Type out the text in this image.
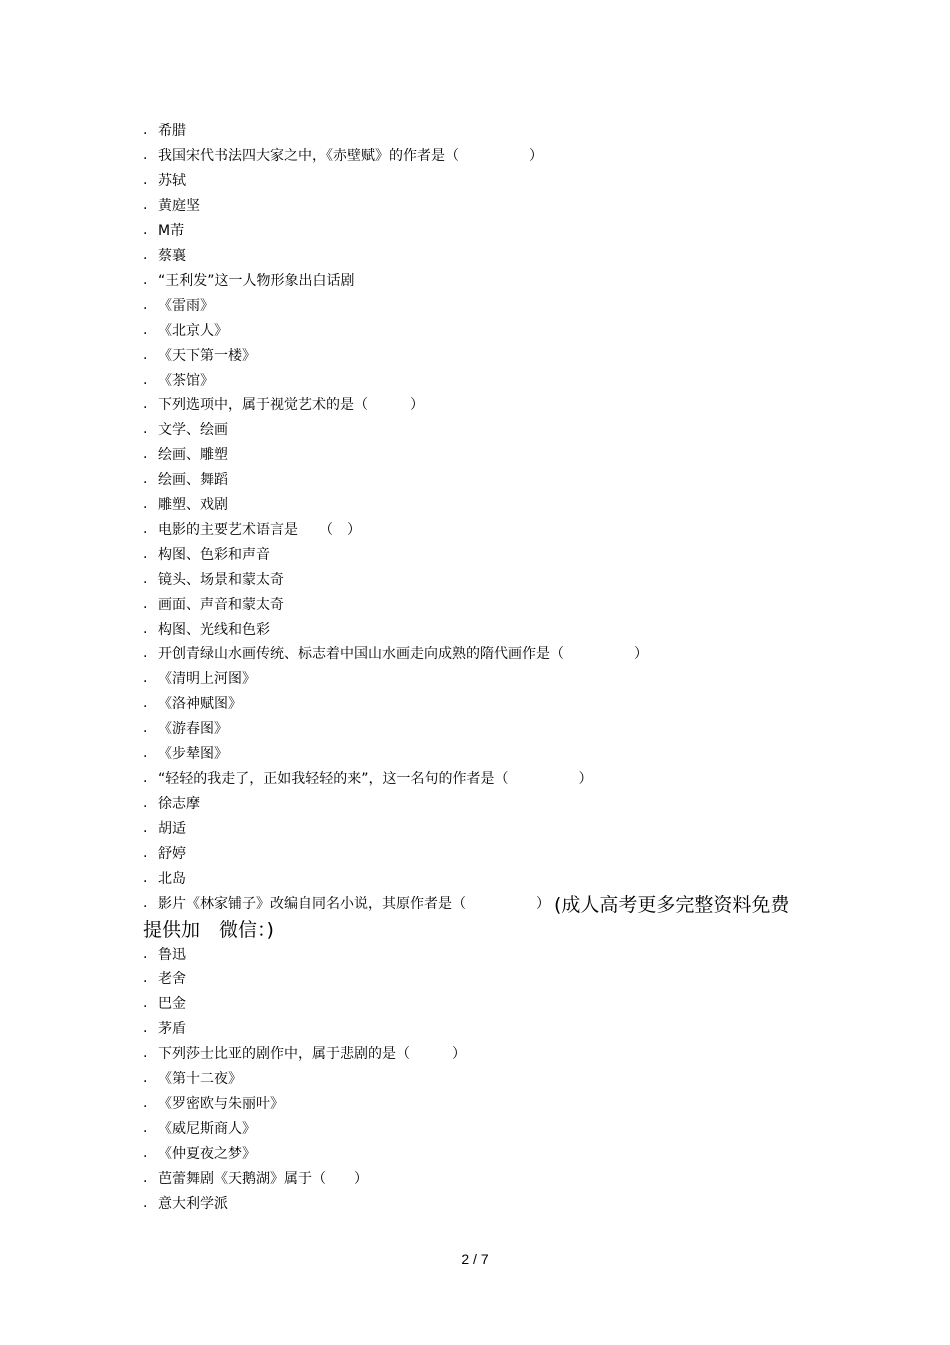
. 希腊
. 我国宋代书法四大家之中，《赤壁赋》的作者是（　　　　　）
. 苏轼
. 黄庭坚
. M芾
. 蔡襄
. “王利发”这一人物形象出白话剧
. 《雷雨》
. 《北京人》
. 《天下第一楼》
. 《茶馆》
. 下列选项中，属于视觉艺术的是（　　　）
. 文学、绘画
. 绘画、雕塑
. 绘画、舞蹈
. 雕塑、戏剧
. 电影的主要艺术语言是　　（　）
. 构图、色彩和声音
. 镜头、场景和蒙太奇
. 画面、声音和蒙太奇
. 构图、光线和色彩
. 开创青绿山水画传统、标志着中国山水画走向成熟的隋代画作是（　　　　　）
. 《清明上河图》
. 《洛神赋图》
. 《游春图》
. 《步辇图》
. “轻轻的我走了，正如我轻轻的来”，这一名句的作者是（　　　　　）
. 徐志摩
. 胡适
. 舒婷
. 北岛
. 影片《林家铺子》改编自同名小说，其原作者是（　　　　　） (成人高考更多完整资料免费
提供加　微信：)
. 鲁迅
. 老舍
. 巴金
. 茅盾
. 下列莎士比亚的剧作中，属于悲剧的是（　　　）
. 《第十二夜》
. 《罗密欧与朱丽叶》
. 《威尼斯商人》
. 《仲夏夜之梦》
. 芭蕾舞剧《天鹅湖》属于（　　）
. 意大利学派
2 / 7
